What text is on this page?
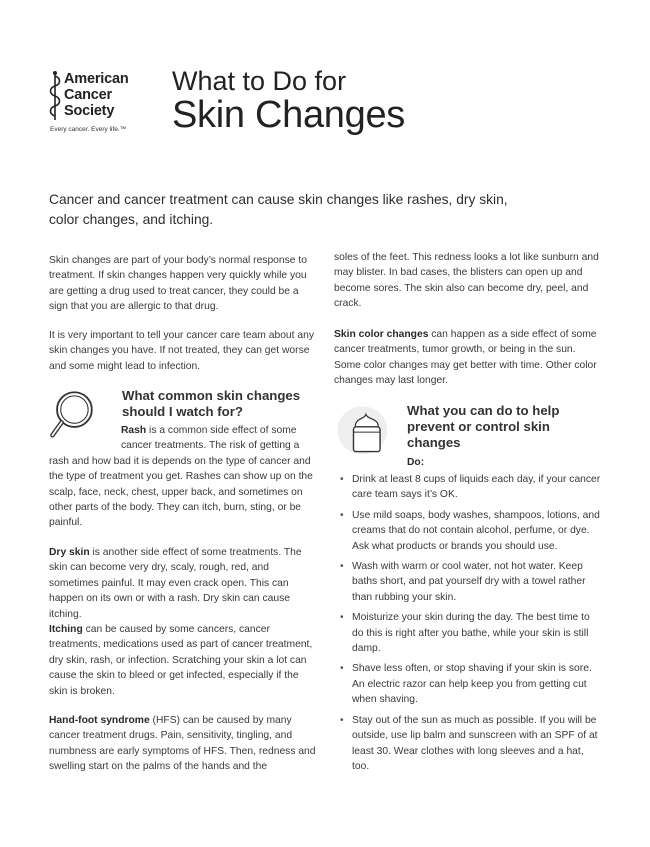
American
Cancer
Society
Every cancer. Every life.™
What to Do for
Skin Changes
Cancer and cancer treatment can cause skin changes like rashes, dry skin, color changes, and itching.
Skin changes are part of your body’s normal response to treatment. If skin changes happen very quickly while you are getting a drug used to treat cancer, they could be a sign that you are allergic to that drug.
It is very important to tell your cancer care team about any skin changes you have. If not treated, they can get worse and some might lead to infection.
What common skin changes should I watch for?
Rash is a common side effect of some cancer treatments. The risk of getting a rash and how bad it is depends on the type of cancer and the type of treatment you get. Rashes can show up on the scalp, face, neck, chest, upper back, and sometimes on other parts of the body. They can itch, burn, sting, or be painful.
Dry skin is another side effect of some treatments. The skin can become very dry, scaly, rough, red, and sometimes painful. It may even crack open. This can happen on its own or with a rash. Dry skin can cause itching.
Itching can be caused by some cancers, cancer treatments, medications used as part of cancer treatment, dry skin, rash, or infection. Scratching your skin a lot can cause the skin to bleed or get infected, especially if the skin is broken.
Hand-foot syndrome (HFS) can be caused by many cancer treatment drugs. Pain, sensitivity, tingling, and numbness are early symptoms of HFS. Then, redness and swelling start on the palms of the hands and the
soles of the feet. This redness looks a lot like sunburn and may blister. In bad cases, the blisters can open up and become sores. The skin also can become dry, peel, and crack.
Skin color changes can happen as a side effect of some cancer treatments, tumor growth, or being in the sun. Some color changes may get better with time. Other color changes may last longer.
What you can do to help prevent or control skin changes
Do:
• Drink at least 8 cups of liquids each day, if your cancer care team says it’s OK.
• Use mild soaps, body washes, shampoos, lotions, and creams that do not contain alcohol, perfume, or dye. Ask what products or brands you should use.
• Wash with warm or cool water, not hot water. Keep baths short, and pat yourself dry with a towel rather than rubbing your skin.
• Moisturize your skin during the day. The best time to do this is right after you bathe, while your skin is still damp.
• Shave less often, or stop shaving if your skin is sore. An electric razor can help keep you from getting cut when shaving.
• Stay out of the sun as much as possible. If you will be outside, use lip balm and sunscreen with an SPF of at least 30. Wear clothes with long sleeves and a hat, too.
